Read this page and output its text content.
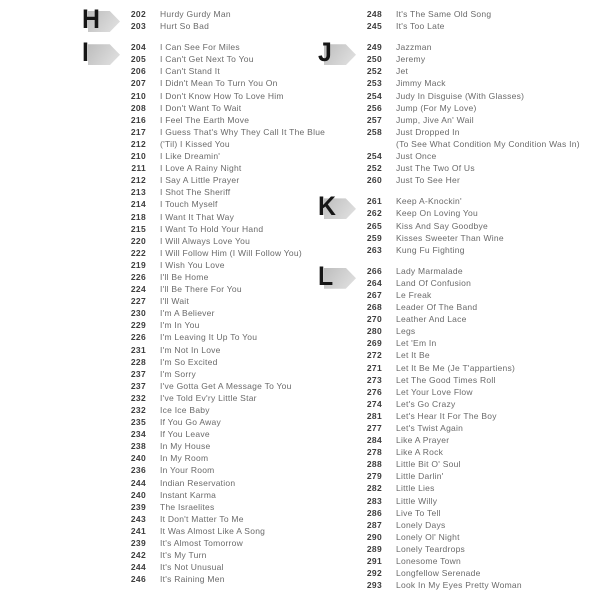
H	202 Hurdy Gurdy Man
203 Hurt So Bad
I	204 I Can See For Miles
205 I Can't Get Next To You
206 I Can't Stand It
207 I Didn't Mean To Turn You On
210 I Don't Know How To Love Him
208 I Don't Want To Wait
216 I Feel The Earth Move
217 I Guess That's Why They Call It The Blue
212 ('Til) I Kissed You
210 I Like Dreamin'
211 I Love A Rainy Night
212 I Say A Little Prayer
213 I Shot The Sheriff
214 I Touch Myself
218 I Want It That Way
215 I Want To Hold Your Hand
220 I Will Always Love You
222 I Will Follow Him (I Will Follow You)
219 I Wish You Love
226 I'll Be Home
224 I'll Be There For You
227 I'll Wait
230 I'm A Believer
229 I'm In You
226 I'm Leaving It Up To You
231 I'm Not In Love
228 I'm So Excited
237 I'm Sorry
237 I've Gotta Get A Message To You
232 I've Told Ev'ry Little Star
232 Ice Ice Baby
235 If You Go Away
234 If You Leave
238 In My House
240 In My Room
236 In Your Room
244 Indian Reservation
240 Instant Karma
239 The Israelites
243 It Don't Matter To Me
241 It Was Almost Like A Song
239 It's Almost Tomorrow
242 It's My Turn
244 It's Not Unusual
246 It's Raining Men
248 It's The Same Old Song
245 It's Too Late
J	249 Jazzman
250 Jeremy
252 Jet
253 Jimmy Mack
254 Judy In Disguise (With Glasses)
256 Jump (For My Love)
257 Jump, Jive An' Wail
258 Just Dropped In
(To See What Condition My Condition Was In)
254 Just Once
252 Just The Two Of Us
260 Just To See Her
K	261 Keep A-Knockin'
262 Keep On Loving You
265 Kiss And Say Goodbye
259 Kisses Sweeter Than Wine
263 Kung Fu Fighting
L	266 Lady Marmalade
264 Land Of Confusion
267 Le Freak
268 Leader Of The Band
270 Leather And Lace
280 Legs
269 Let 'Em In
272 Let It Be
271 Let It Be Me (Je T'appartiens)
273 Let The Good Times Roll
276 Let Your Love Flow
274 Let's Go Crazy
281 Let's Hear It For The Boy
277 Let's Twist Again
284 Like A Prayer
278 Like A Rock
288 Little Bit O' Soul
279 Little Darlin'
282 Little Lies
283 Little Willy
286 Live To Tell
287 Lonely Days
290 Lonely Ol' Night
289 Lonely Teardrops
291 Lonesome Town
292 Longfellow Serenade
293 Look In My Eyes Pretty Woman
